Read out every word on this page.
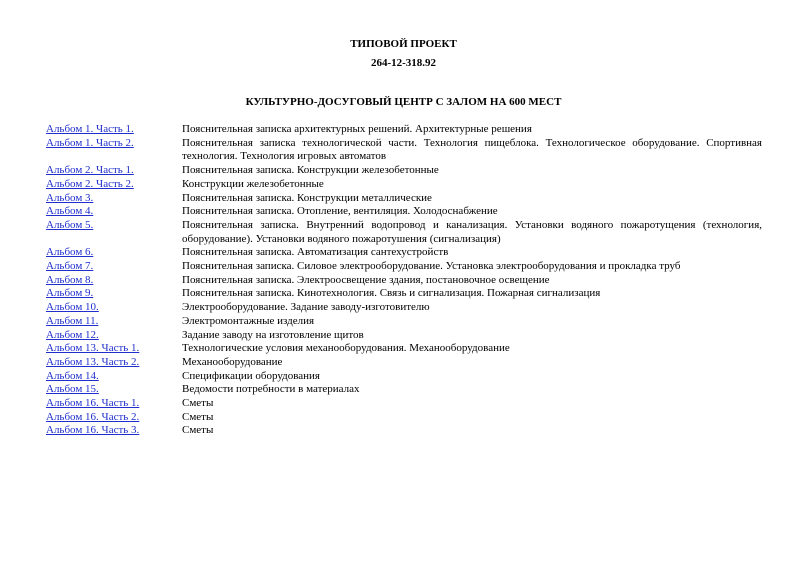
ТИПОВОЙ ПРОЕКТ
264-12-318.92
КУЛЬТУРНО-ДОСУГОВЫЙ ЦЕНТР С ЗАЛОМ НА 600 МЕСТ
Альбом 1. Часть 1.	Пояснительная записка архитектурных решений. Архитектурные решения
Альбом 1. Часть 2.	Пояснительная записка технологической части. Технология пищеблока. Технологическое оборудование. Спортивная технология. Технология игровых автоматов
Альбом 2. Часть 1.	Пояснительная записка. Конструкции железобетонные
Альбом 2. Часть 2.	Конструкции железобетонные
Альбом 3.	Пояснительная записка. Конструкции металлические
Альбом 4.	Пояснительная записка. Отопление, вентиляция. Холодоснабжение
Альбом 5.	Пояснительная записка. Внутренний водопровод и канализация. Установки водяного пожаротущения (технология, оборудование). Установки водяного пожаротушения (сигнализация)
Альбом 6.	Пояснительная записка. Автоматизация сантехустройств
Альбом 7.	Пояснительная записка. Силовое электрооборудование. Установка электрооборудования и прокладка труб
Альбом 8.	Пояснительная записка. Электроосвещение здания, постановочное освещение
Альбом 9.	Пояснительная записка. Кинотехнология. Связь и сигнализация. Пожарная сигнализация
Альбом 10.	Электрооборудование. Задание заводу-изготовителю
Альбом 11.	Электромонтажные изделия
Альбом 12.	Задание заводу на изготовление щитов
Альбом 13. Часть 1.	Технологические условия механооборудования. Механооборудование
Альбом 13. Часть 2.	Механооборудование
Альбом 14.	Спецификации оборудования
Альбом 15.	Ведомости потребности в материалах
Альбом 16. Часть 1.	Сметы
Альбом 16. Часть 2.	Сметы
Альбом 16. Часть 3.	Сметы
